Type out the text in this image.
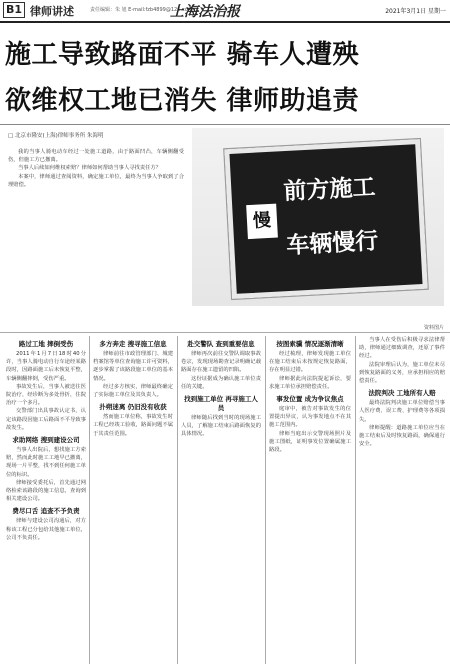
B1 律师讲述	责任编辑：朱 旭 E-mail:fzb4899@126.com
上海法治报	2021年3月1日 星期一
施工导致路面不平 骑车人遭殃
欲维权工地已消失 律师助追责
□ 北京市隆安(上海)律师事务所 朱海明

我的当事人骑电动车经过一处施工道路，由于路面凹凸，车辆侧翻受伤，但施工方已撤离。

当事人后续如何维权索赔？律师如何帮助当事人寻找责任方？

本案中，律师通过查阅资料，确定施工单位，最终为当事人争取到了合理赔偿。

慢
前方施工
车辆慢行
资料图片
路过工地 摔倒受伤

2011年1月7日18时40分许，当事人骑电动自行车途经某路段时，因路面施工后未恢复平整，车辆侧翻摔倒，受伤严重。

事故发生后，当事人被送往医院治疗，经诊断为多处骨折，住院治疗一个多月。

交警部门出具事故认定书，认定该路段因施工后路面不平导致事故发生。

求助网络 搜到建设公司

当事人出院后，想找施工方索赔，然而此时施工工地早已撤离，现场一片平整，找不到任何施工单位的标识。

律师接受委托后，首先通过网络检索该路段的施工信息，查询到相关建设公司。

费尽口舌 追查不予负责

律师与建设公司沟通后，对方称该工程已分包给其他施工单位，公司不负责任。

多方奔走 搜寻施工信息

律师前往市政管理部门、城建档案馆等单位查询施工许可资料，逐步掌握了该路段施工单位的基本情况。

经过多方核实，律师最终确定了实际施工单位及其负责人。

扑朔迷离 仍旧没有收获

然而施工单位称，事故发生时工程已经竣工验收，路面问题不属于其责任范围。

赴交警队 查到重要信息

律师再次前往交警队调取事故卷宗，发现现场勘查记录明确记载路面存在施工遗留的凹陷。

这份证据成为确认施工单位责任的关键。

找到施工单位 再寻施工人员

律师随后找到当时的现场施工人员，了解施工结束后路面恢复的具体情况。

按图索骥 情况逐渐清晰

经过梳理，律师发现施工单位在施工结束后未按规定恢复路面，存在明显过错。

律师据此向法院提起诉讼，要求施工单位承担赔偿责任。

事发位置 成为争议焦点

庭审中，被告对事故发生的位置提出异议，认为事发地点不在其施工范围内。

律师当庭出示交警现场照片及施工图纸，证明事发位置确属施工路段。

当事人在受伤后积极寻求法律帮助，律师通过细致调查，还原了事件经过。

法院审理后认为，施工单位未尽到恢复路面的义务，应承担相应的赔偿责任。

法院判决 工地所有人赔

最终法院判决施工单位赔偿当事人医疗费、误工费、护理费等各项损失。

律师提醒：道路施工单位应当在施工结束后及时恢复路面，确保通行安全。
